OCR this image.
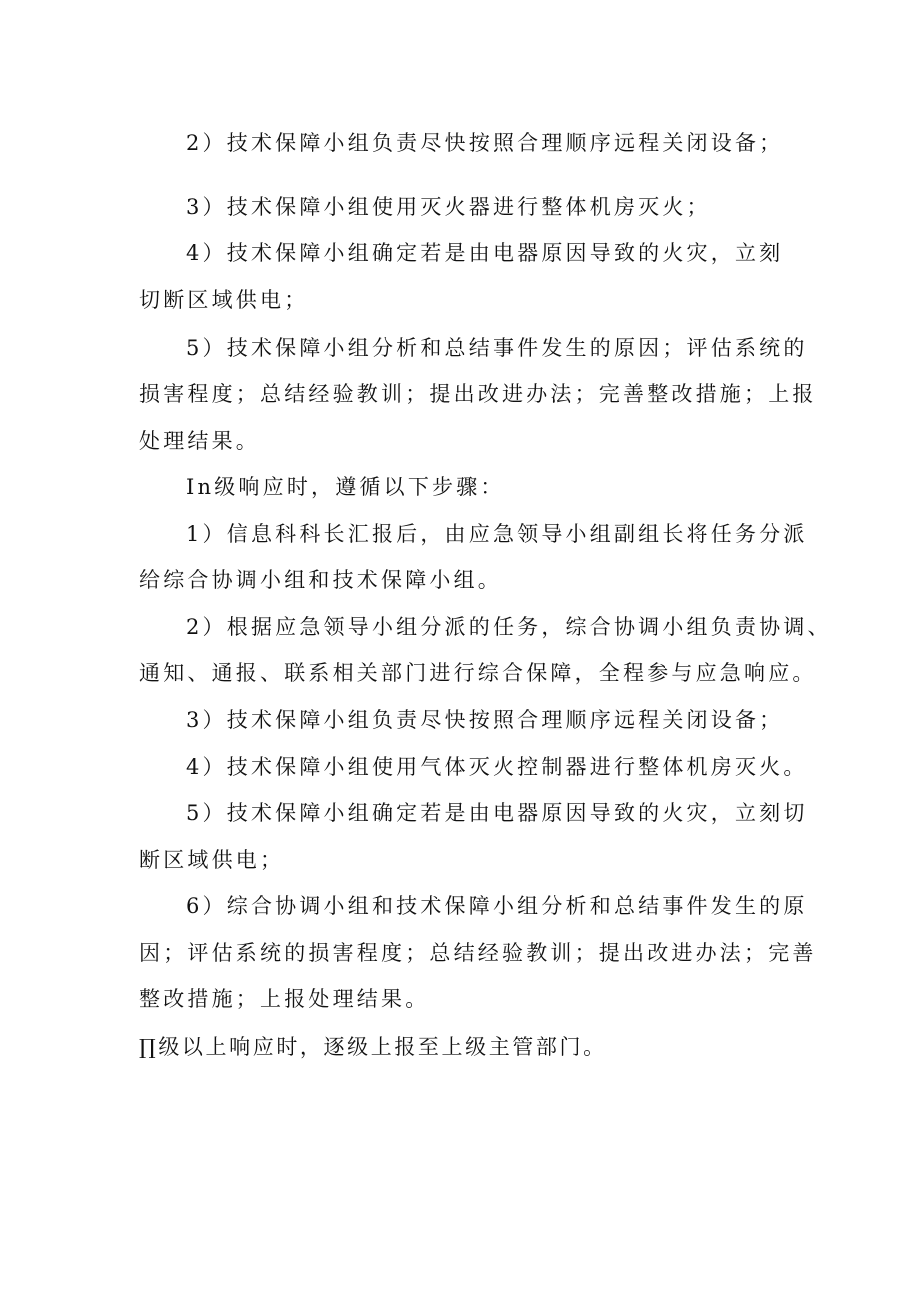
2）技术保障小组负责尽快按照合理顺序远程关闭设备；
3）技术保障小组使用灭火器进行整体机房灭火；
4）技术保障小组确定若是由电器原因导致的火灾，立刻
切断区域供电；
5）技术保障小组分析和总结事件发生的原因；评估系统的
损害程度；总结经验教训；提出改进办法；完善整改措施；上报
处理结果。
In级响应时，遵循以下步骤：
1）信息科科长汇报后，由应急领导小组副组长将任务分派
给综合协调小组和技术保障小组。
2）根据应急领导小组分派的任务，综合协调小组负责协调、
通知、通报、联系相关部门进行综合保障，全程参与应急响应。
3）技术保障小组负责尽快按照合理顺序远程关闭设备；
4）技术保障小组使用气体灭火控制器进行整体机房灭火。
5）技术保障小组确定若是由电器原因导致的火灾，立刻切
断区域供电；
6）综合协调小组和技术保障小组分析和总结事件发生的原
因；评估系统的损害程度；总结经验教训；提出改进办法；完善
整改措施；上报处理结果。
∏级以上响应时，逐级上报至上级主管部门。
